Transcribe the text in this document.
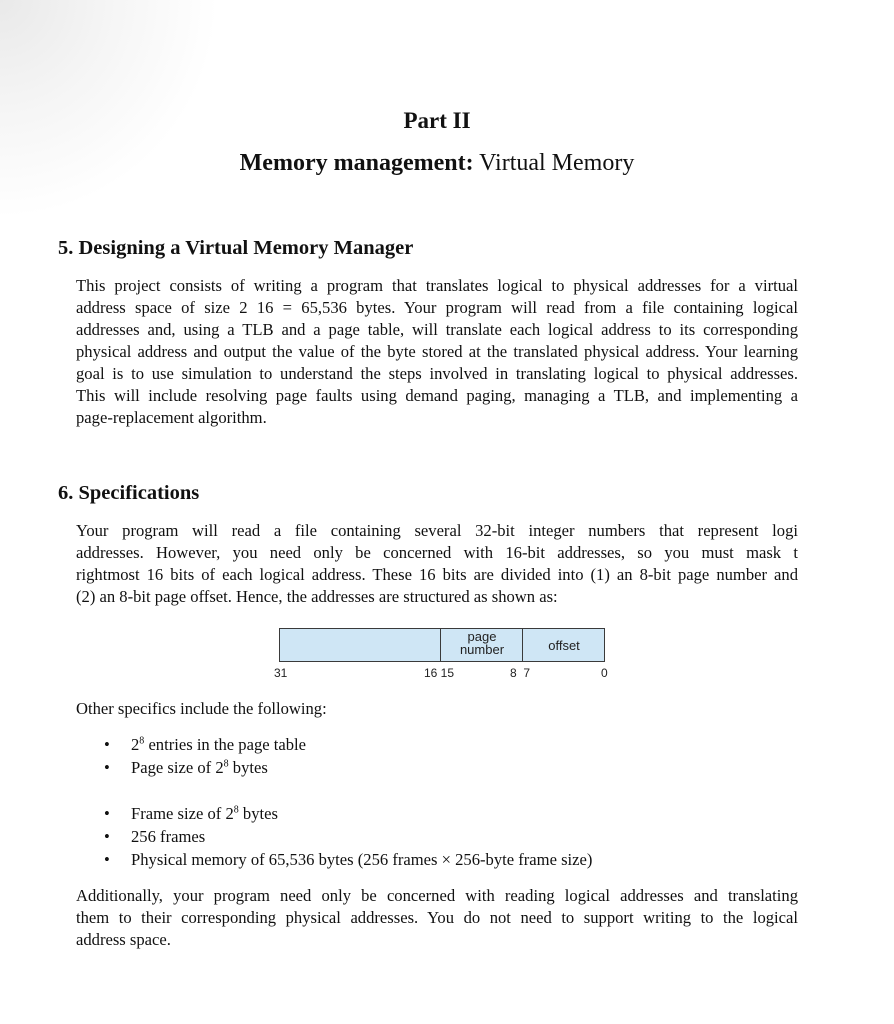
Part II
Memory management: Virtual Memory
5. Designing a Virtual Memory Manager
This project consists of writing a program that translates logical to physical addresses for a virtual
address space of size 2 16 = 65,536 bytes. Your program will read from a file containing logical
addresses and, using a TLB and a page table, will translate each logical address to its corresponding
physical address and output the value of the byte stored at the translated physical address. Your learning
goal is to use simulation to understand the steps involved in translating logical to physical addresses.
This will include resolving page faults using demand paging, managing a TLB, and implementing a
page-replacement algorithm.
6. Specifications
Your program will read a file containing several 32-bit integer numbers that represent logi
addresses. However, you need only be concerned with 16-bit addresses, so you must mask t
rightmost 16 bits of each logical address. These 16 bits are divided into (1) an 8-bit page number and
(2) an 8-bit page offset. Hence, the addresses are structured as shown as:
page
number	offset
31	16 15	8  7	0
Other specifics include the following:
• $2^8$ entries in the page table
• Page size of $2^8$ bytes
• Frame size of $2^8$ bytes
• 256 frames
• Physical memory of 65,536 bytes (256 frames × 256-byte frame size)
Additionally, your program need only be concerned with reading logical addresses and translating
them to their corresponding physical addresses. You do not need to support writing to the logical
address space.
